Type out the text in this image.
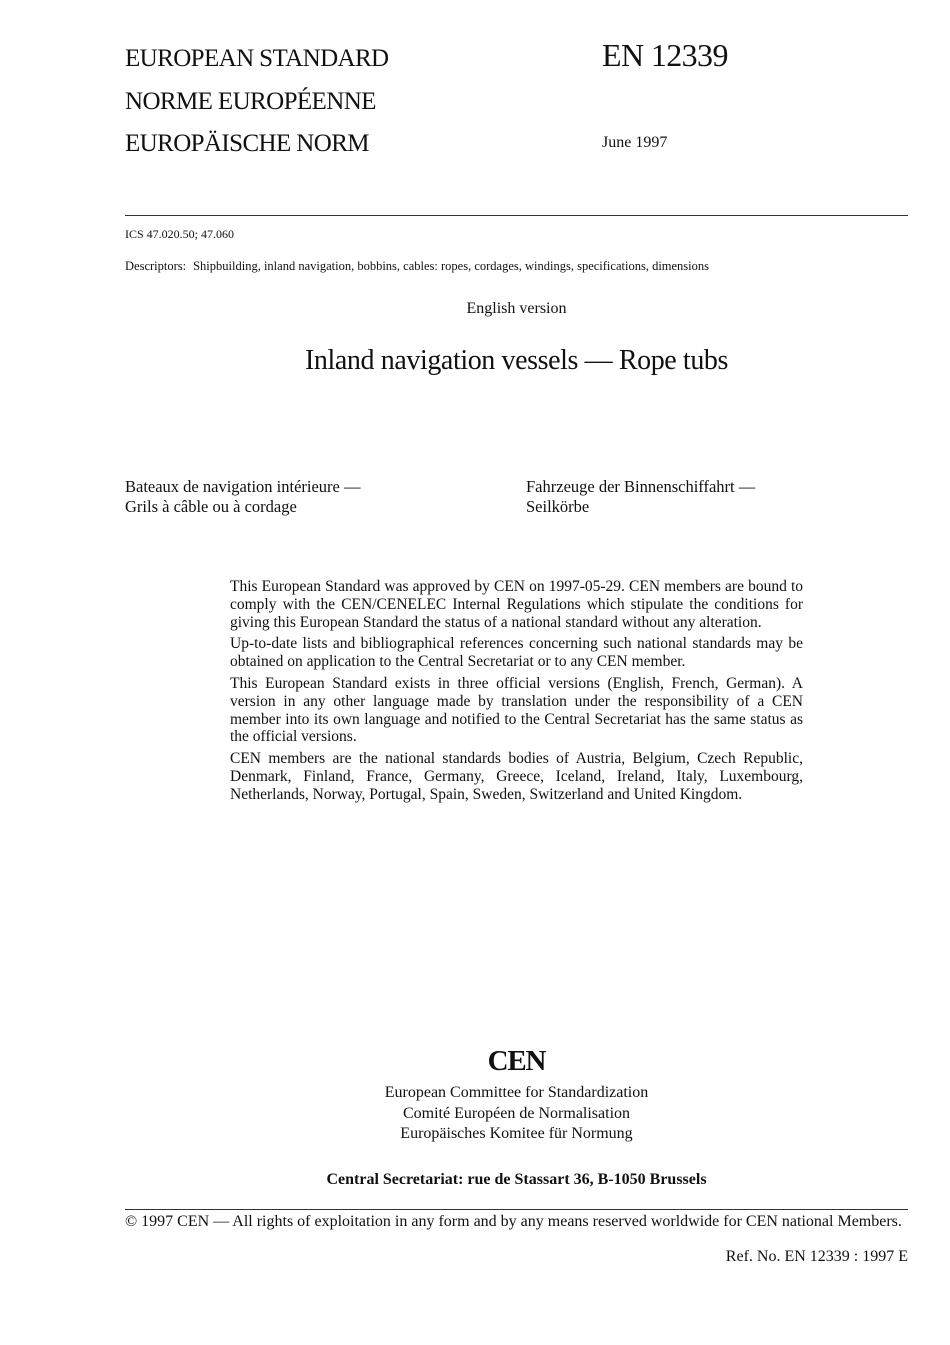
EUROPEAN STANDARD
NORME EUROPÉENNE
EUROPÄISCHE NORM
EN 12339
June 1997
ICS 47.020.50; 47.060
Descriptors: Shipbuilding, inland navigation, bobbins, cables: ropes, cordages, windings, specifications, dimensions
English version
Inland navigation vessels — Rope tubs
Bateaux de navigation intérieure —
Grils à câble ou à cordage
Fahrzeuge der Binnenschiffahrt —
Seilkörbe

This European Standard was approved by CEN on 1997-05-29. CEN members are bound to comply with the CEN/CENELEC Internal Regulations which stipulate the conditions for giving this European Standard the status of a national standard without any alteration.

Up-to-date lists and bibliographical references concerning such national standards may be obtained on application to the Central Secretariat or to any CEN member.

This European Standard exists in three official versions (English, French, German). A version in any other language made by translation under the responsibility of a CEN member into its own language and notified to the Central Secretariat has the same status as the official versions.

CEN members are the national standards bodies of Austria, Belgium, Czech Republic, Denmark, Finland, France, Germany, Greece, Iceland, Ireland, Italy, Luxembourg, Netherlands, Norway, Portugal, Spain, Sweden, Switzerland and United Kingdom.

CEN
European Committee for Standardization
Comité Européen de Normalisation
Europäisches Komitee für Normung
Central Secretariat: rue de Stassart 36, B-1050 Brussels
© 1997 CEN — All rights of exploitation in any form and by any means reserved worldwide for CEN national Members.
Ref. No. EN 12339 : 1997 E
